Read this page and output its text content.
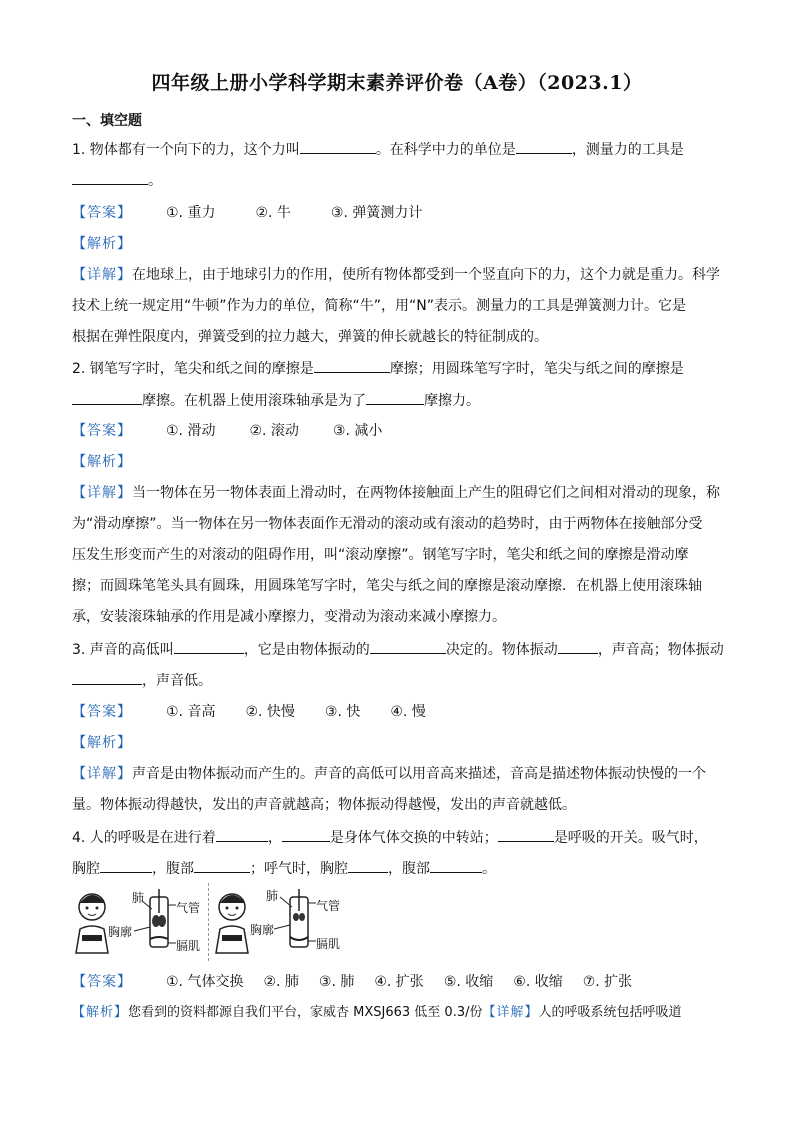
四年级上册小学科学期末素养评价卷（A卷）（2023.1）
一、填空题
1. 物体都有一个向下的力，这个力叫	。在科学中力的单位是	，测量力的工具是
。
【答案】 ①. 重力	②. 牛	③. 弹簧测力计
【解析】
【详解】在地球上，由于地球引力的作用，使所有物体都受到一个竖直向下的力，这个力就是重力。科学
技术上统一规定用“牛顿”作为力的单位，简称“牛”，用“N”表示。测量力的工具是弹簧测力计。它是
根据在弹性限度内，弹簧受到的拉力越大，弹簧的伸长就越长的特征制成的。
2. 钢笔写字时，笔尖和纸之间的摩擦是	摩擦；用圆珠笔写字时，笔尖与纸之间的摩擦是
摩擦。在机器上使用滚珠轴承是为了	摩擦力。
【答案】 ①. 滑动 ②. 滚动 ③. 减小
【解析】
【详解】当一物体在另一物体表面上滑动时，在两物体接触面上产生的阻碍它们之间相对滑动的现象，称
为“滑动摩擦”。当一物体在另一物体表面作无滑动的滚动或有滚动的趋势时，由于两物体在接触部分受
压发生形变而产生的对滚动的阻碍作用，叫“滚动摩擦”。钢笔写字时，笔尖和纸之间的摩擦是滑动摩
擦；而圆珠笔笔头具有圆珠，用圆珠笔写字时，笔尖与纸之间的摩擦是滚动摩擦．在机器上使用滚珠轴
承，安装滚珠轴承的作用是减小摩擦力，变滑动为滚动来减小摩擦力。
3. 声音的高低叫	，它是由物体振动的	决定的。物体振动	，声音高；物体振动
，声音低。
【答案】 ①. 音高 ②. 快慢 ③. 快 ④. 慢
【解析】
【详解】声音是由物体振动而产生的。声音的高低可以用音高来描述，音高是描述物体振动快慢的一个
量。物体振动得越快，发出的声音就越高；物体振动得越慢，发出的声音就越低。
4. 人的呼吸是在进行着	，	是身体气体交换的中转站；	是呼吸的开关。吸气时，
胸腔	，腹部	；呼气时，胸腔	，腹部	。
肺
气管
胸廓
膈肌
肺
气管
胸廓
膈肌
【答案】 ①. 气体交换 ②. 肺 ③. 肺 ④. 扩张 ⑤. 收缩 ⑥. 收缩 ⑦. 扩张
【解析】您看到的资料都源自我们平台，家威杏 MXSJ663 低至 0.3/份【详解】人的呼吸系统包括呼吸道
